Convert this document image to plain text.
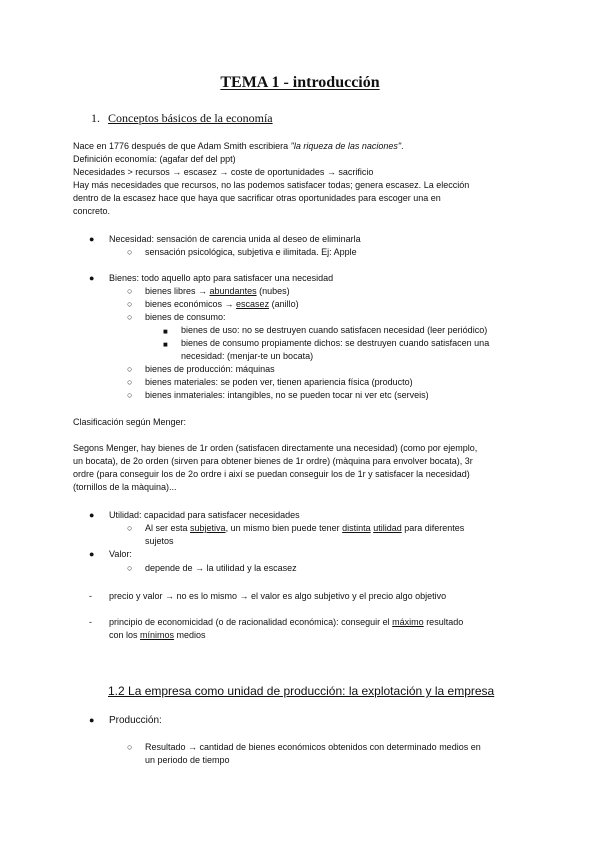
TEMA 1 - introducción
1. Conceptos básicos de la economía
Nace en 1776 después de que Adam Smith escribiera "la riqueza de las naciones".
Definición economía: (agafar def del ppt)
Necesidades > recursos → escasez → coste de oportunidades → sacrificio
Hay más necesidades que recursos, no las podemos satisfacer todas; genera escasez. La elección
dentro de la escasez hace que haya que sacrificar otras oportunidades para escoger una en
concreto.
● Necesidad: sensación de carencia unida al deseo de eliminarla
○ sensación psicológica, subjetiva e ilimitada. Ej: Apple
● Bienes: todo aquello apto para satisfacer una necesidad
○ bienes libres → abundantes (nubes)
○ bienes económicos → escasez (anillo)
○ bienes de consumo:
■ bienes de uso: no se destruyen cuando satisfacen necesidad (leer periódico)
■ bienes de consumo propiamente dichos: se destruyen cuando satisfacen una
necesidad: (menjar-te un bocata)
○ bienes de producción: máquinas
○ bienes materiales: se poden ver, tienen apariencia física (producto)
○ bienes inmateriales: intangibles, no se pueden tocar ni ver etc (serveis)
Clasificación según Menger:
Segons Menger, hay bienes de 1r orden (satisfacen directamente una necesidad) (como por ejemplo,
un bocata), de 2o orden (sirven para obtener bienes de 1r ordre) (màquina para envolver bocata), 3r
ordre (para conseguir los de 2o ordre i així se puedan conseguir los de 1r y satisfacer la necesidad)
(tornillos de la màquina)...
● Utilidad: capacidad para satisfacer necesidades
○ Al ser esta subjetiva, un mismo bien puede tener distinta utilidad para diferentes
sujetos
● Valor:
○ depende de → la utilidad y la escasez
- precio y valor → no es lo mismo → el valor es algo subjetivo y el precio algo objetivo
- principio de economicidad (o de racionalidad económica): conseguir el máximo resultado
con los mínimos medios
1.2 La empresa como unidad de producción: la explotación y la empresa
● Producción:
○ Resultado → cantidad de bienes económicos obtenidos con determinado medios en
un periodo de tiempo
